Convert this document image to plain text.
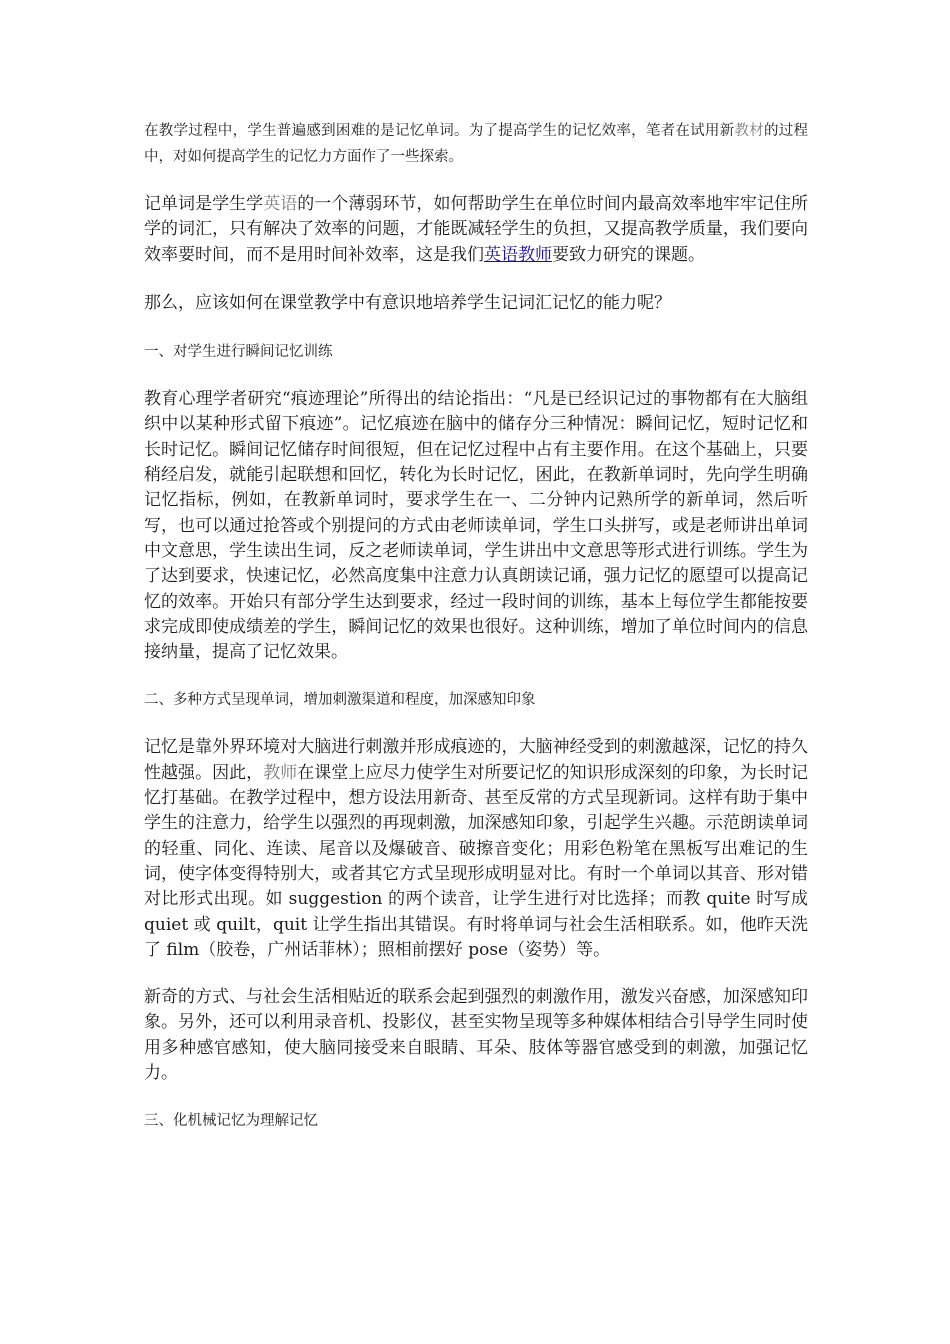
在教学过程中，学生普遍感到困难的是记忆单词。为了提高学生的记忆效率，笔者在试用新教材的过程中，对如何提高学生的记忆力方面作了一些探索。

记单词是学生学英语的一个薄弱环节，如何帮助学生在单位时间内最高效率地牢牢记住所学的词汇，只有解决了效率的问题，才能既减轻学生的负担，又提高教学质量，我们要向效率要时间，而不是用时间补效率，这是我们英语教师要致力研究的课题。

那么，应该如何在课堂教学中有意识地培养学生记词汇记忆的能力呢？

一、对学生进行瞬间记忆训练

教育心理学者研究“痕迹理论”所得出的结论指出：“凡是已经识记过的事物都有在大脑组织中以某种形式留下痕迹”。记忆痕迹在脑中的储存分三种情况：瞬间记忆，短时记忆和长时记忆。瞬间记忆储存时间很短，但在记忆过程中占有主要作用。在这个基础上，只要稍经启发，就能引起联想和回忆，转化为长时记忆，困此，在教新单词时，先向学生明确记忆指标，例如，在教新单词时，要求学生在一、二分钟内记熟所学的新单词，然后听写，也可以通过抢答或个别提问的方式由老师读单词，学生口头拼写，或是老师讲出单词中文意思，学生读出生词，反之老师读单词，学生讲出中文意思等形式进行训练。学生为了达到要求，快速记忆，必然高度集中注意力认真朗读记诵，强力记忆的愿望可以提高记忆的效率。开始只有部分学生达到要求，经过一段时间的训练，基本上每位学生都能按要求完成即使成绩差的学生，瞬间记忆的效果也很好。这种训练，增加了单位时间内的信息接纳量，提高了记忆效果。

二、多种方式呈现单词，增加刺激渠道和程度，加深感知印象

记忆是靠外界环境对大脑进行刺激并形成痕迹的，大脑神经受到的刺激越深，记忆的持久性越强。因此，教师在课堂上应尽力使学生对所要记忆的知识形成深刻的印象，为长时记忆打基础。在教学过程中，想方设法用新奇、甚至反常的方式呈现新词。这样有助于集中学生的注意力，给学生以强烈的再现刺激，加深感知印象，引起学生兴趣。示范朗读单词的轻重、同化、连读、尾音以及爆破音、破擦音变化；用彩色粉笔在黑板写出难记的生词，使字体变得特别大，或者其它方式呈现形成明显对比。有时一个单词以其音、形对错对比形式出现。如 suggestion 的两个读音，让学生进行对比选择；而教 quite 时写成 quiet 或 quilt，quit 让学生指出其错误。有时将单词与社会生活相联系。如，他昨天洗了 film（胶卷，广州话菲林）；照相前摆好 pose（姿势）等。

新奇的方式、与社会生活相贴近的联系会起到强烈的刺激作用，激发兴奋感，加深感知印象。另外，还可以利用录音机、投影仪，甚至实物呈现等多种媒体相结合引导学生同时使用多种感官感知，使大脑同接受来自眼睛、耳朵、肢体等器官感受到的刺激，加强记忆力。

三、化机械记忆为理解记忆
